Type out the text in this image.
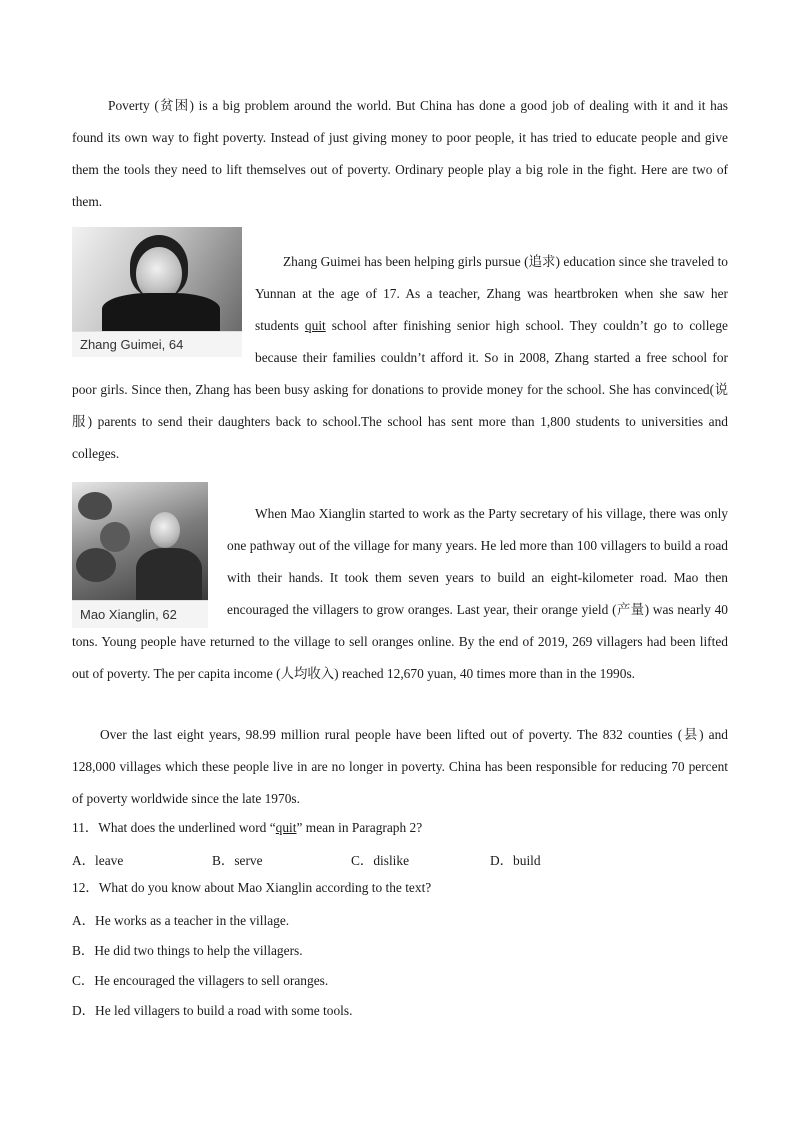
Poverty (贫困) is a big problem around the world. But China has done a good job of dealing with it and it has found its own way to fight poverty. Instead of just giving money to poor people, it has tried to educate people and give them the tools they need to lift themselves out of poverty. Ordinary people play a big role in the fight. Here are two of them.

Zhang Guimei, 64
Zhang Guimei has been helping girls pursue (追求) education since she traveled to Yunnan at the age of 17. As a teacher, Zhang was heartbroken when she saw her students quit school after finishing senior high school. They couldn’t go to college because their families couldn’t afford it. So in 2008, Zhang started a free school for poor girls. Since then, Zhang has been busy asking for donations to provide money for the school. She has convinced(说服) parents to send their daughters back to school.The school has sent more than 1,800 students to universities and colleges.
Mao Xianglin, 62
When Mao Xianglin started to work as the Party secretary of his village, there was only one pathway out of the village for many years. He led more than 100 villagers to build a road with their hands. It took them seven years to build an eight-kilometer road. Mao then encouraged the villagers to grow oranges. Last year, their orange yield (产量) was nearly 40 tons. Young people have returned to the village to sell oranges online. By the end of 2019, 269 villagers had been lifted out of poverty. The per capita income (人均收入) reached 12,670 yuan, 40 times more than in the 1990s.

Over the last eight years, 98.99 million rural people have been lifted out of poverty. The 832 counties (县) and 128,000 villages which these people live in are no longer in poverty. China has been responsible for reducing 70 percent of poverty worldwide since the late 1970s.

11．What does the underlined word “quit” mean in Paragraph 2?

A．leave	B．serve	C．dislike	D．build

12．What do you know about Mao Xianglin according to the text?

A．He works as a teacher in the village.

B．He did two things to help the villagers.

C．He encouraged the villagers to sell oranges.

D．He led villagers to build a road with some tools.
